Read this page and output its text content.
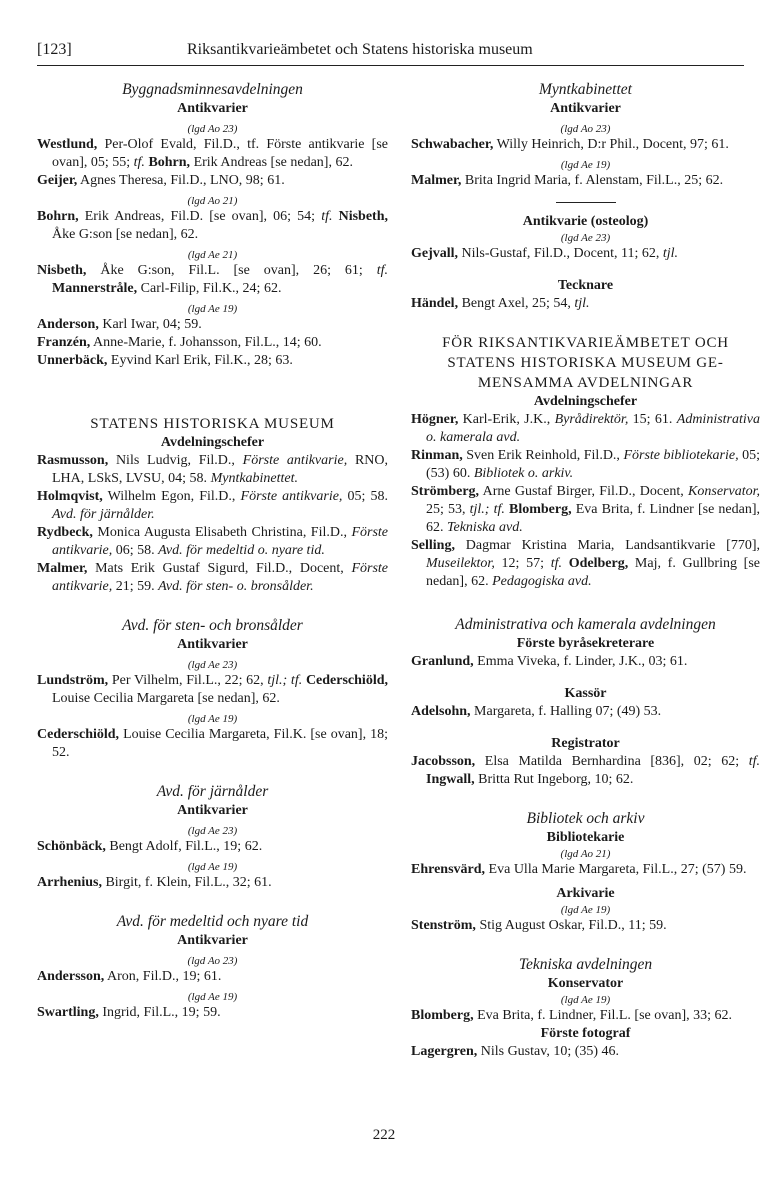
[123]	Riksantikvarieämbetet och Statens historiska museum
Byggnadsminnesavdelningen
Antikvarier
(lgd Ao 23)
Westlund, Per-Olof Evald, Fil.D., tf. Förste antikvarie [se ovan], 05; 55; tf. Bohrn, Erik Andreas [se nedan], 62.
Geijer, Agnes Theresa, Fil.D., LNO, 98; 61.
(lgd Ao 21)
Bohrn, Erik Andreas, Fil.D. [se ovan], 06; 54; tf. Nisbeth, Åke G:son [se nedan], 62.
(lgd Ae 21)
Nisbeth, Åke G:son, Fil.L. [se ovan], 26; 61; tf. Mannerstråle, Carl-Filip, Fil.K., 24; 62.
(lgd Ae 19)
Anderson, Karl Iwar, 04; 59.
Franzén, Anne-Marie, f. Johansson, Fil.L., 14; 60.
Unnerbäck, Eyvind Karl Erik, Fil.K., 28; 63.
STATENS HISTORISKA MUSEUM
Avdelningschefer
Rasmusson, Nils Ludvig, Fil.D., Förste antikvarie, RNO, LHA, LSkS, LVSU, 04; 58. Myntkabinettet.
Holmqvist, Wilhelm Egon, Fil.D., Förste antikvarie, 05; 58. Avd. för järnålder.
Rydbeck, Monica Augusta Elisabeth Christina, Fil.D., Förste antikvarie, 06; 58. Avd. för medeltid o. nyare tid.
Malmer, Mats Erik Gustaf Sigurd, Fil.D., Docent, Förste antikvarie, 21; 59. Avd. för sten- o. bronsålder.
Avd. för sten- och bronsålder
Antikvarier
(lgd Ae 23)
Lundström, Per Vilhelm, Fil.L., 22; 62, tjl.; tf. Cederschiöld, Louise Cecilia Margareta [se nedan], 62.
(lgd Ae 19)
Cederschiöld, Louise Cecilia Margareta, Fil.K. [se ovan], 18; 52.
Avd. för järnålder
Antikvarier
(lgd Ae 23)
Schönbäck, Bengt Adolf, Fil.L., 19; 62.
(lgd Ae 19)
Arrhenius, Birgit, f. Klein, Fil.L., 32; 61.
Avd. för medeltid och nyare tid
Antikvarier
(lgd Ao 23)
Andersson, Aron, Fil.D., 19; 61.
(lgd Ae 19)
Swartling, Ingrid, Fil.L., 19; 59.
Myntkabinettet
Antikvarier
(lgd Ao 23)
Schwabacher, Willy Heinrich, D:r Phil., Docent, 97; 61.
(lgd Ae 19)
Malmer, Brita Ingrid Maria, f. Alenstam, Fil.L., 25; 62.
Antikvarie (osteolog)
(lgd Ae 23)
Gejvall, Nils-Gustaf, Fil.D., Docent, 11; 62, tjl.
Tecknare
Händel, Bengt Axel, 25; 54, tjl.
FÖR RIKSANTIKVARIEÄMBETET OCH
STATENS HISTORISKA MUSEUM GE-
MENSAMMA AVDELNINGAR
Avdelningschefer
Högner, Karl-Erik, J.K., Byrådirektör, 15; 61. Administrativa o. kameralа avd.
Rinman, Sven Erik Reinhold, Fil.D., Förste bibliotekarie, 05; (53) 60. Bibliotek o. arkiv.
Strömberg, Arne Gustaf Birger, Fil.D., Docent, Konservator, 25; 53, tjl.; tf. Blomberg, Eva Brita, f. Lindner [se nedan], 62. Tekniska avd.
Selling, Dagmar Kristina Maria, Landsantikvarie [770], Museilektor, 12; 57; tf. Odelberg, Maj, f. Gullbring [se nedan], 62. Pedagogiska avd.
Administrativa och kamerala avdelningen
Förste byråsekreterare
Granlund, Emma Viveka, f. Linder, J.K., 03; 61.
Kassör
Adelsohn, Margareta, f. Halling 07; (49) 53.
Registrator
Jacobsson, Elsa Matilda Bernhardina [836], 02; 62; tf. Ingwall, Britta Rut Ingeborg, 10; 62.
Bibliotek och arkiv
Bibliotekarie
(lgd Ao 21)
Ehrensvärd, Eva Ulla Marie Margareta, Fil.L., 27; (57) 59.
Arkivarie
(lgd Ae 19)
Stenström, Stig August Oskar, Fil.D., 11; 59.
Tekniska avdelningen
Konservator
(lgd Ae 19)
Blomberg, Eva Brita, f. Lindner, Fil.L. [se ovan], 33; 62.
Förste fotograf
Lagergren, Nils Gustav, 10; (35) 46.
222
